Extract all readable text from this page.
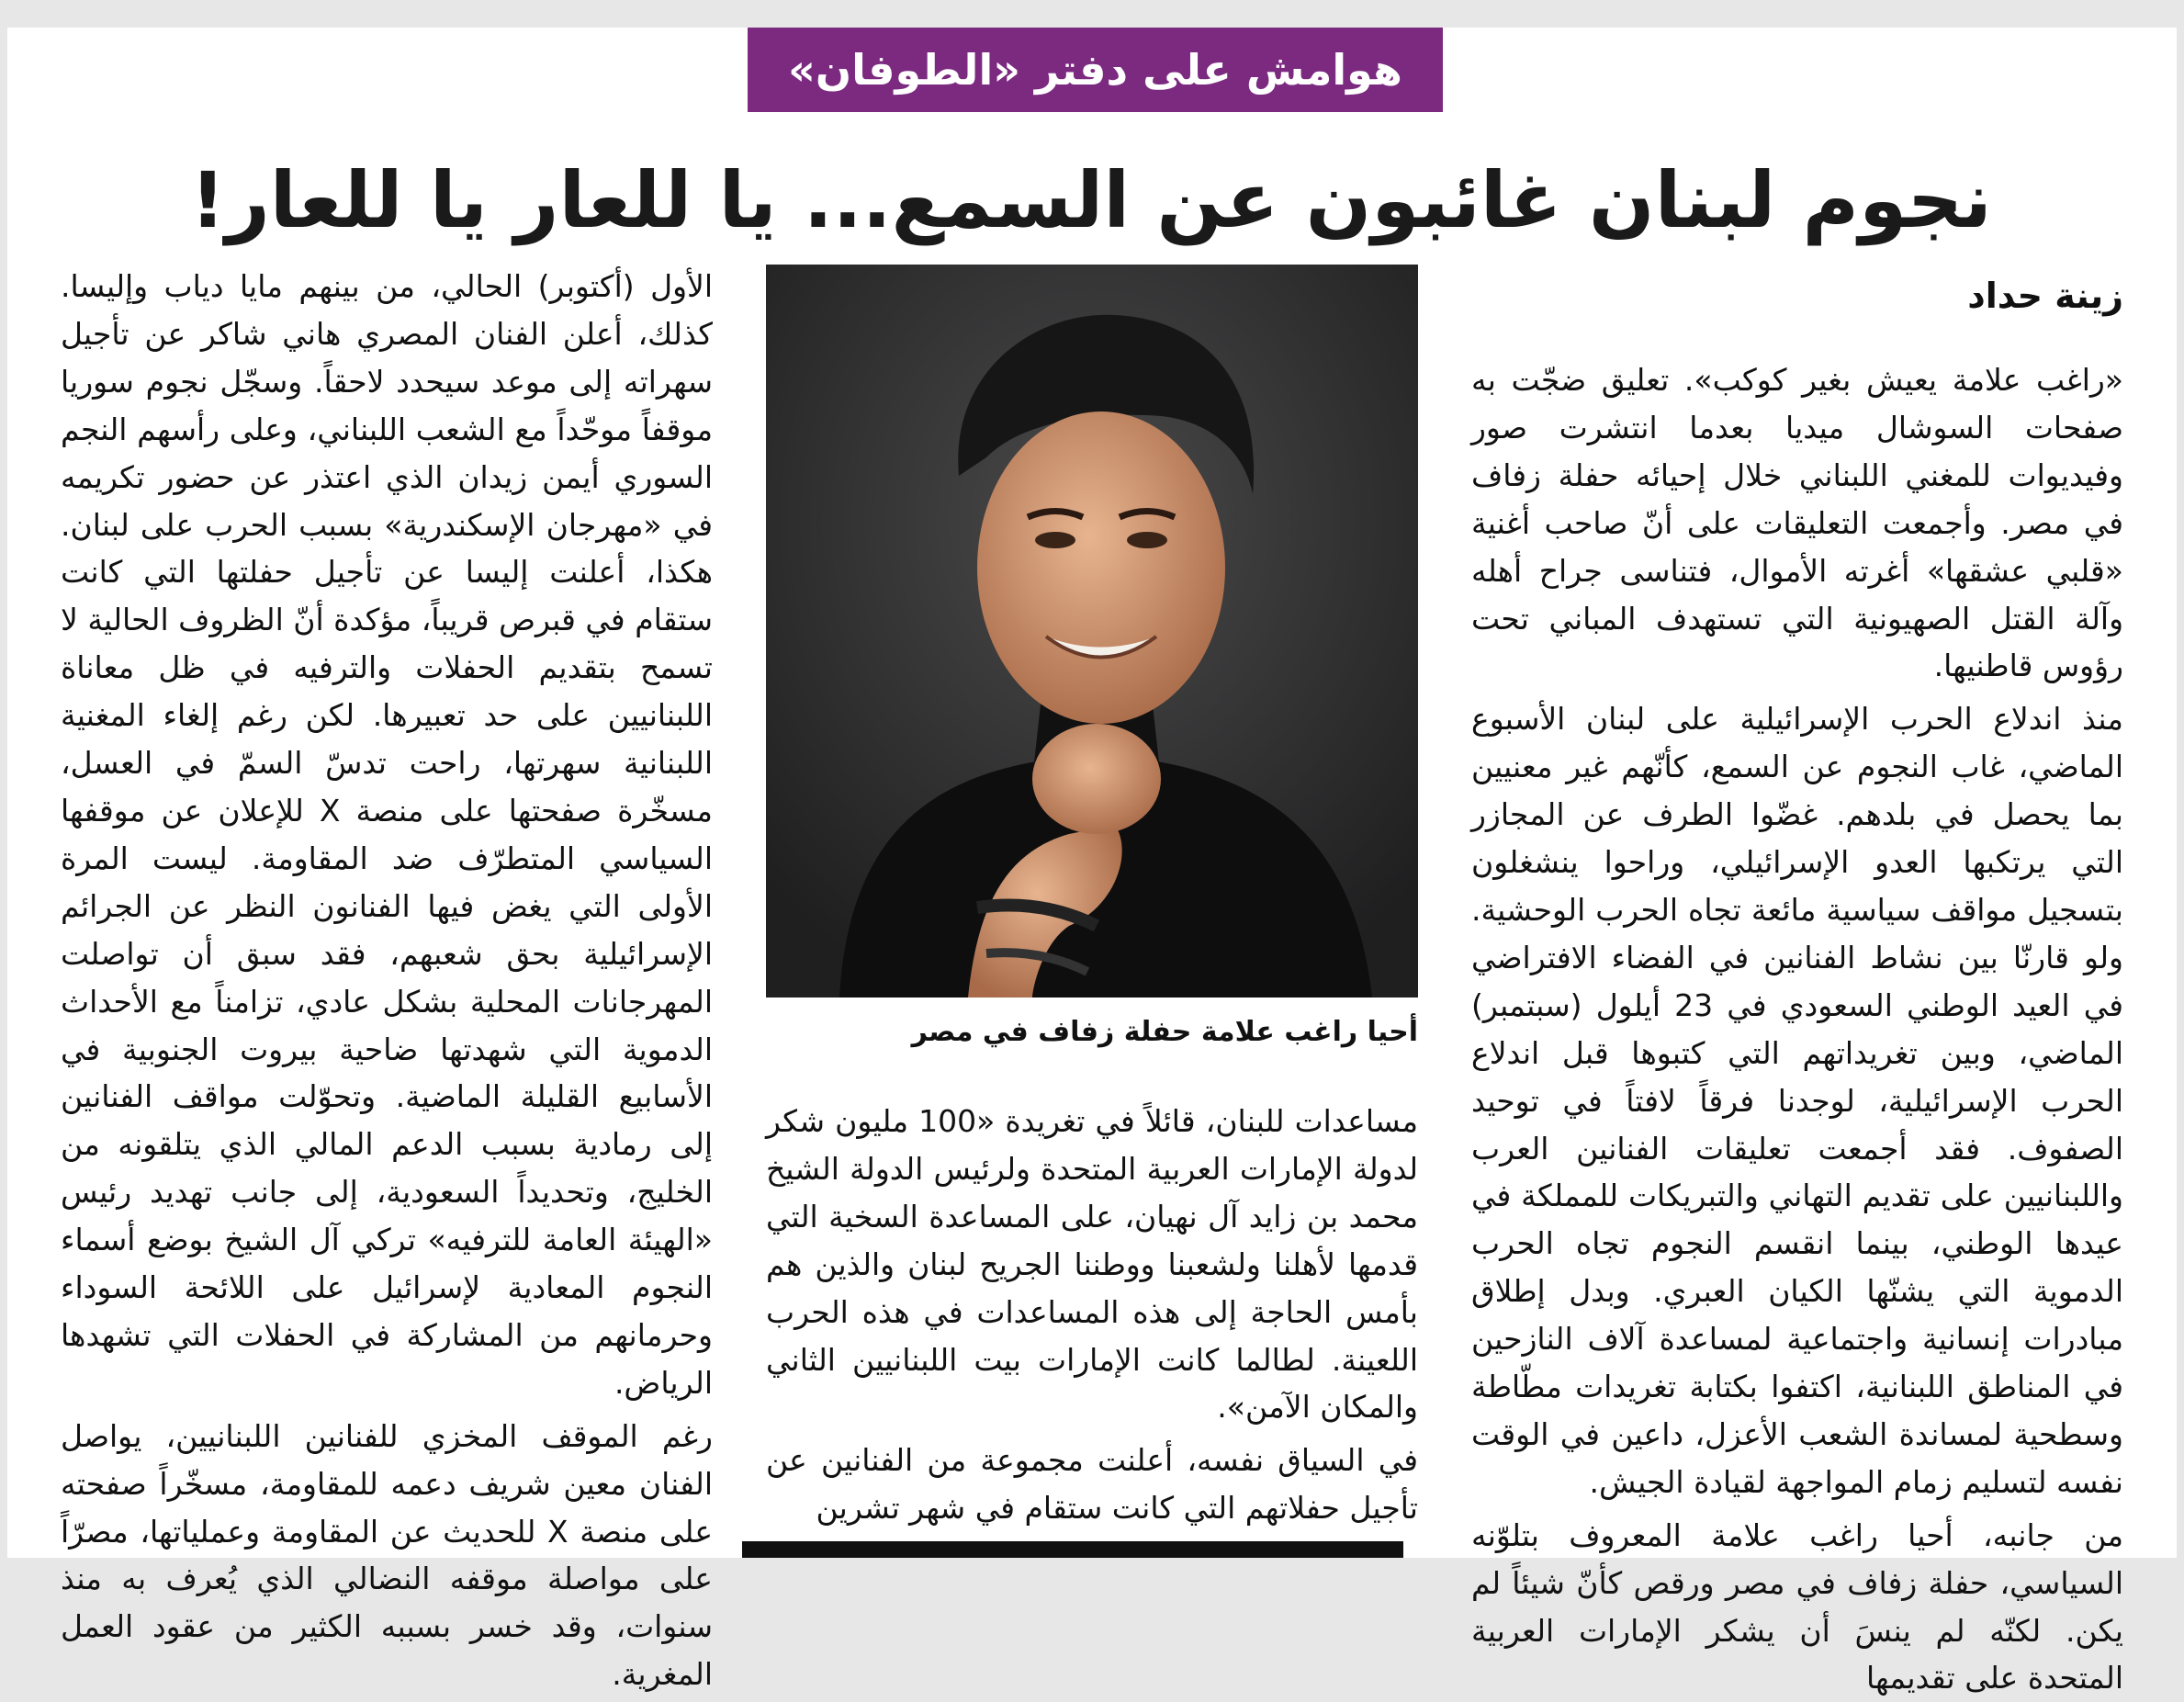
هوامش على دفتر «الطوفان»
نجوم لبنان غائبون عن السمع... يا للعار يا للعار!
زينة حداد

«راغب علامة يعيش بغير كوكب». تعليق ضجّت به صفحات السوشال ميديا بعدما انتشرت صور وفيديوات للمغني اللبناني خلال إحيائه حفلة زفاف في مصر. وأجمعت التعليقات على أنّ صاحب أغنية «قلبي عشقها» أغرته الأموال، فتناسى جراح أهله وآلة القتل الصهيونية التي تستهدف المباني تحت رؤوس قاطنيها.

منذ اندلاع الحرب الإسرائيلية على لبنان الأسبوع الماضي، غاب النجوم عن السمع، كأنّهم غير معنيين بما يحصل في بلدهم. غضّوا الطرف عن المجازر التي يرتكبها العدو الإسرائيلي، وراحوا ينشغلون بتسجيل مواقف سياسية مائعة تجاه الحرب الوحشية. ولو قارنّا بين نشاط الفنانين في الفضاء الافتراضي في العيد الوطني السعودي في 23 أيلول (سبتمبر) الماضي، وبين تغريداتهم التي كتبوها قبل اندلاع الحرب الإسرائيلية، لوجدنا فرقاً لافتاً في توحيد الصفوف. فقد أجمعت تعليقات الفنانين العرب واللبنانيين على تقديم التهاني والتبريكات للمملكة في عيدها الوطني، بينما انقسم النجوم تجاه الحرب الدموية التي يشنّها الكيان العبري. وبدل إطلاق مبادرات إنسانية واجتماعية لمساعدة آلاف النازحين في المناطق اللبنانية، اكتفوا بكتابة تغريدات مطّاطة وسطحية لمساندة الشعب الأعزل، داعين في الوقت نفسه لتسليم زمام المواجهة لقيادة الجيش.

من جانبه، أحيا راغب علامة المعروف بتلوّنه السياسي، حفلة زفاف في مصر ورقص كأنّ شيئاً لم يكن. لكنّه لم ينسَ أن يشكر الإمارات العربية المتحدة على تقديمها

أحيا راغب علامة حفلة زفاف في مصر

مساعدات للبنان، قائلاً في تغريدة «100 مليون شكر لدولة الإمارات العربية المتحدة ولرئيس الدولة الشيخ محمد بن زايد آل نهيان، على المساعدة السخية التي قدمها لأهلنا ولشعبنا ووطننا الجريح لبنان والذين هم بأمس الحاجة إلى هذه المساعدات في هذه الحرب اللعينة. لطالما كانت الإمارات بيت اللبنانيين الثاني والمكان الآمن».

في السياق نفسه، أعلنت مجموعة من الفنانين عن تأجيل حفلاتهم التي كانت ستقام في شهر تشرين

الأول (أكتوبر) الحالي، من بينهم مايا دياب وإليسا. كذلك، أعلن الفنان المصري هاني شاكر عن تأجيل سهراته إلى موعد سيحدد لاحقاً. وسجّل نجوم سوريا موقفاً موحّداً مع الشعب اللبناني، وعلى رأسهم النجم السوري أيمن زيدان الذي اعتذر عن حضور تكريمه في «مهرجان الإسكندرية» بسبب الحرب على لبنان. هكذا، أعلنت إليسا عن تأجيل حفلتها التي كانت ستقام في قبرص قريباً، مؤكدة أنّ الظروف الحالية لا تسمح بتقديم الحفلات والترفيه في ظل معاناة اللبنانيين على حد تعبيرها. لكن رغم إلغاء المغنية اللبنانية سهرتها، راحت تدسّ السمّ في العسل، مسخّرة صفحتها على منصة X للإعلان عن موقفها السياسي المتطرّف ضد المقاومة. ليست المرة الأولى التي يغض فيها الفنانون النظر عن الجرائم الإسرائيلية بحق شعبهم، فقد سبق أن تواصلت المهرجانات المحلية بشكل عادي، تزامناً مع الأحداث الدموية التي شهدتها ضاحية بيروت الجنوبية في الأسابيع القليلة الماضية. وتحوّلت مواقف الفنانين إلى رمادية بسبب الدعم المالي الذي يتلقونه من الخليج، وتحديداً السعودية، إلى جانب تهديد رئيس «الهيئة العامة للترفيه» تركي آل الشيخ بوضع أسماء النجوم المعادية لإسرائيل على اللائحة السوداء وحرمانهم من المشاركة في الحفلات التي تشهدها الرياض.

رغم الموقف المخزي للفنانين اللبنانيين، يواصل الفنان معين شريف دعمه للمقاومة، مسخّراً صفحته على منصة X للحديث عن المقاومة وعملياتها، مصرّاً على مواصلة موقفه النضالي الذي يُعرف به منذ سنوات، وقد خسر بسببه الكثير من عقود العمل المغرية.
